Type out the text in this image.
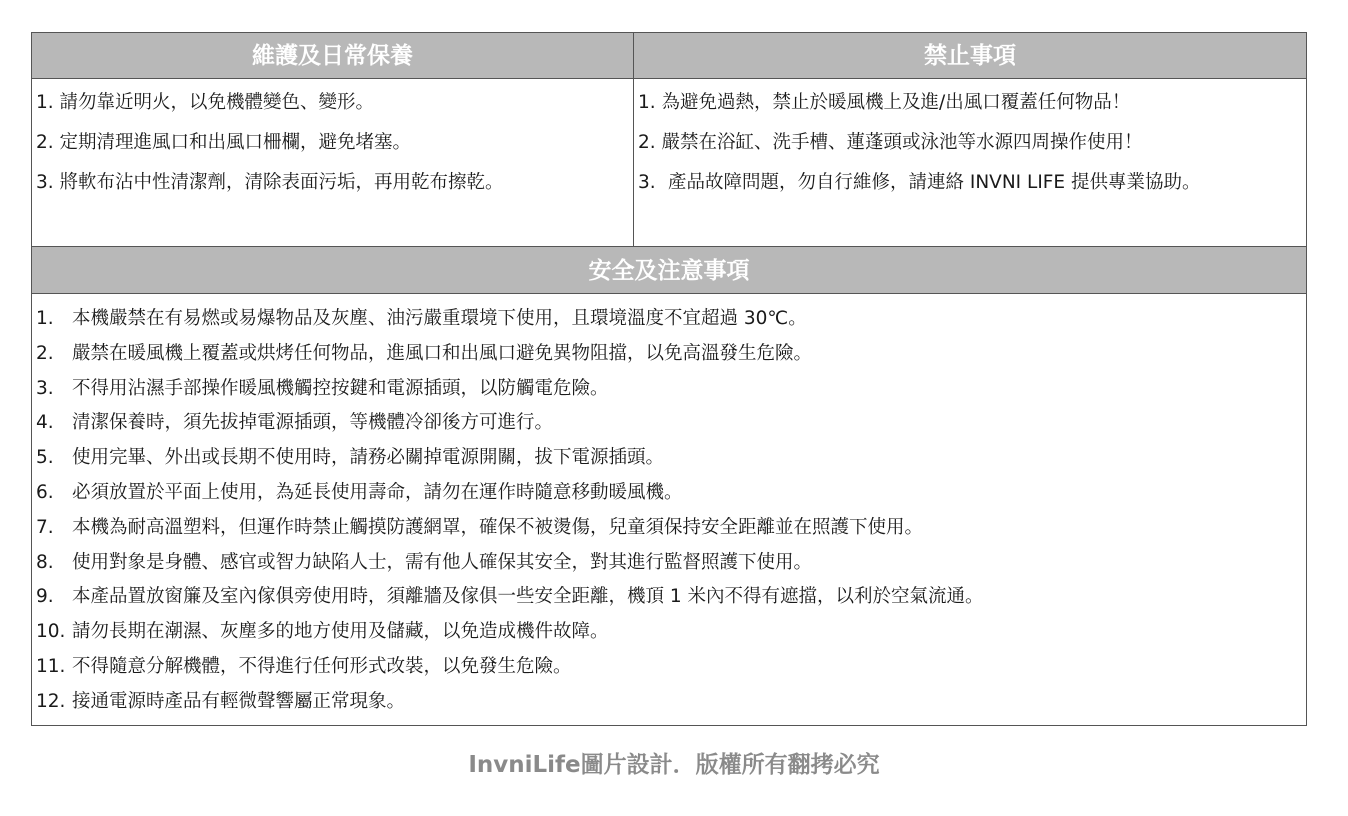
維護及日常保養	禁止事項
1. 請勿靠近明火，以免機體變色、變形。
2. 定期清理進風口和出風口柵欄，避免堵塞。
3. 將軟布沾中性清潔劑，清除表面污垢，再用乾布擦乾。
1. 為避免過熱，禁止於暖風機上及進/出風口覆蓋任何物品！
2. 嚴禁在浴缸、洗手槽、蓮蓬頭或泳池等水源四周操作使用！
3. 產品故障問題，勿自行維修，請連絡 INVNI LIFE 提供專業協助。
安全及注意事項
1. 本機嚴禁在有易燃或易爆物品及灰塵、油污嚴重環境下使用，且環境溫度不宜超過 30℃。
2. 嚴禁在暖風機上覆蓋或烘烤任何物品，進風口和出風口避免異物阻擋，以免高溫發生危險。
3. 不得用沾濕手部操作暖風機觸控按鍵和電源插頭，以防觸電危險。
4. 清潔保養時，須先拔掉電源插頭，等機體冷卻後方可進行。
5. 使用完畢、外出或長期不使用時，請務必關掉電源開關，拔下電源插頭。
6. 必須放置於平面上使用，為延長使用壽命，請勿在運作時隨意移動暖風機。
7. 本機為耐高溫塑料，但運作時禁止觸摸防護網罩，確保不被燙傷，兒童須保持安全距離並在照護下使用。
8. 使用對象是身體、感官或智力缺陷人士，需有他人確保其安全，對其進行監督照護下使用。
9. 本產品置放窗簾及室內傢俱旁使用時，須離牆及傢俱一些安全距離，機頂 1 米內不得有遮擋，以利於空氣流通。
10. 請勿長期在潮濕、灰塵多的地方使用及儲藏，以免造成機件故障。
11. 不得隨意分解機體，不得進行任何形式改裝，以免發生危險。
12. 接通電源時產品有輕微聲響屬正常現象。
InvniLife圖片設計．版權所有翻拷必究
